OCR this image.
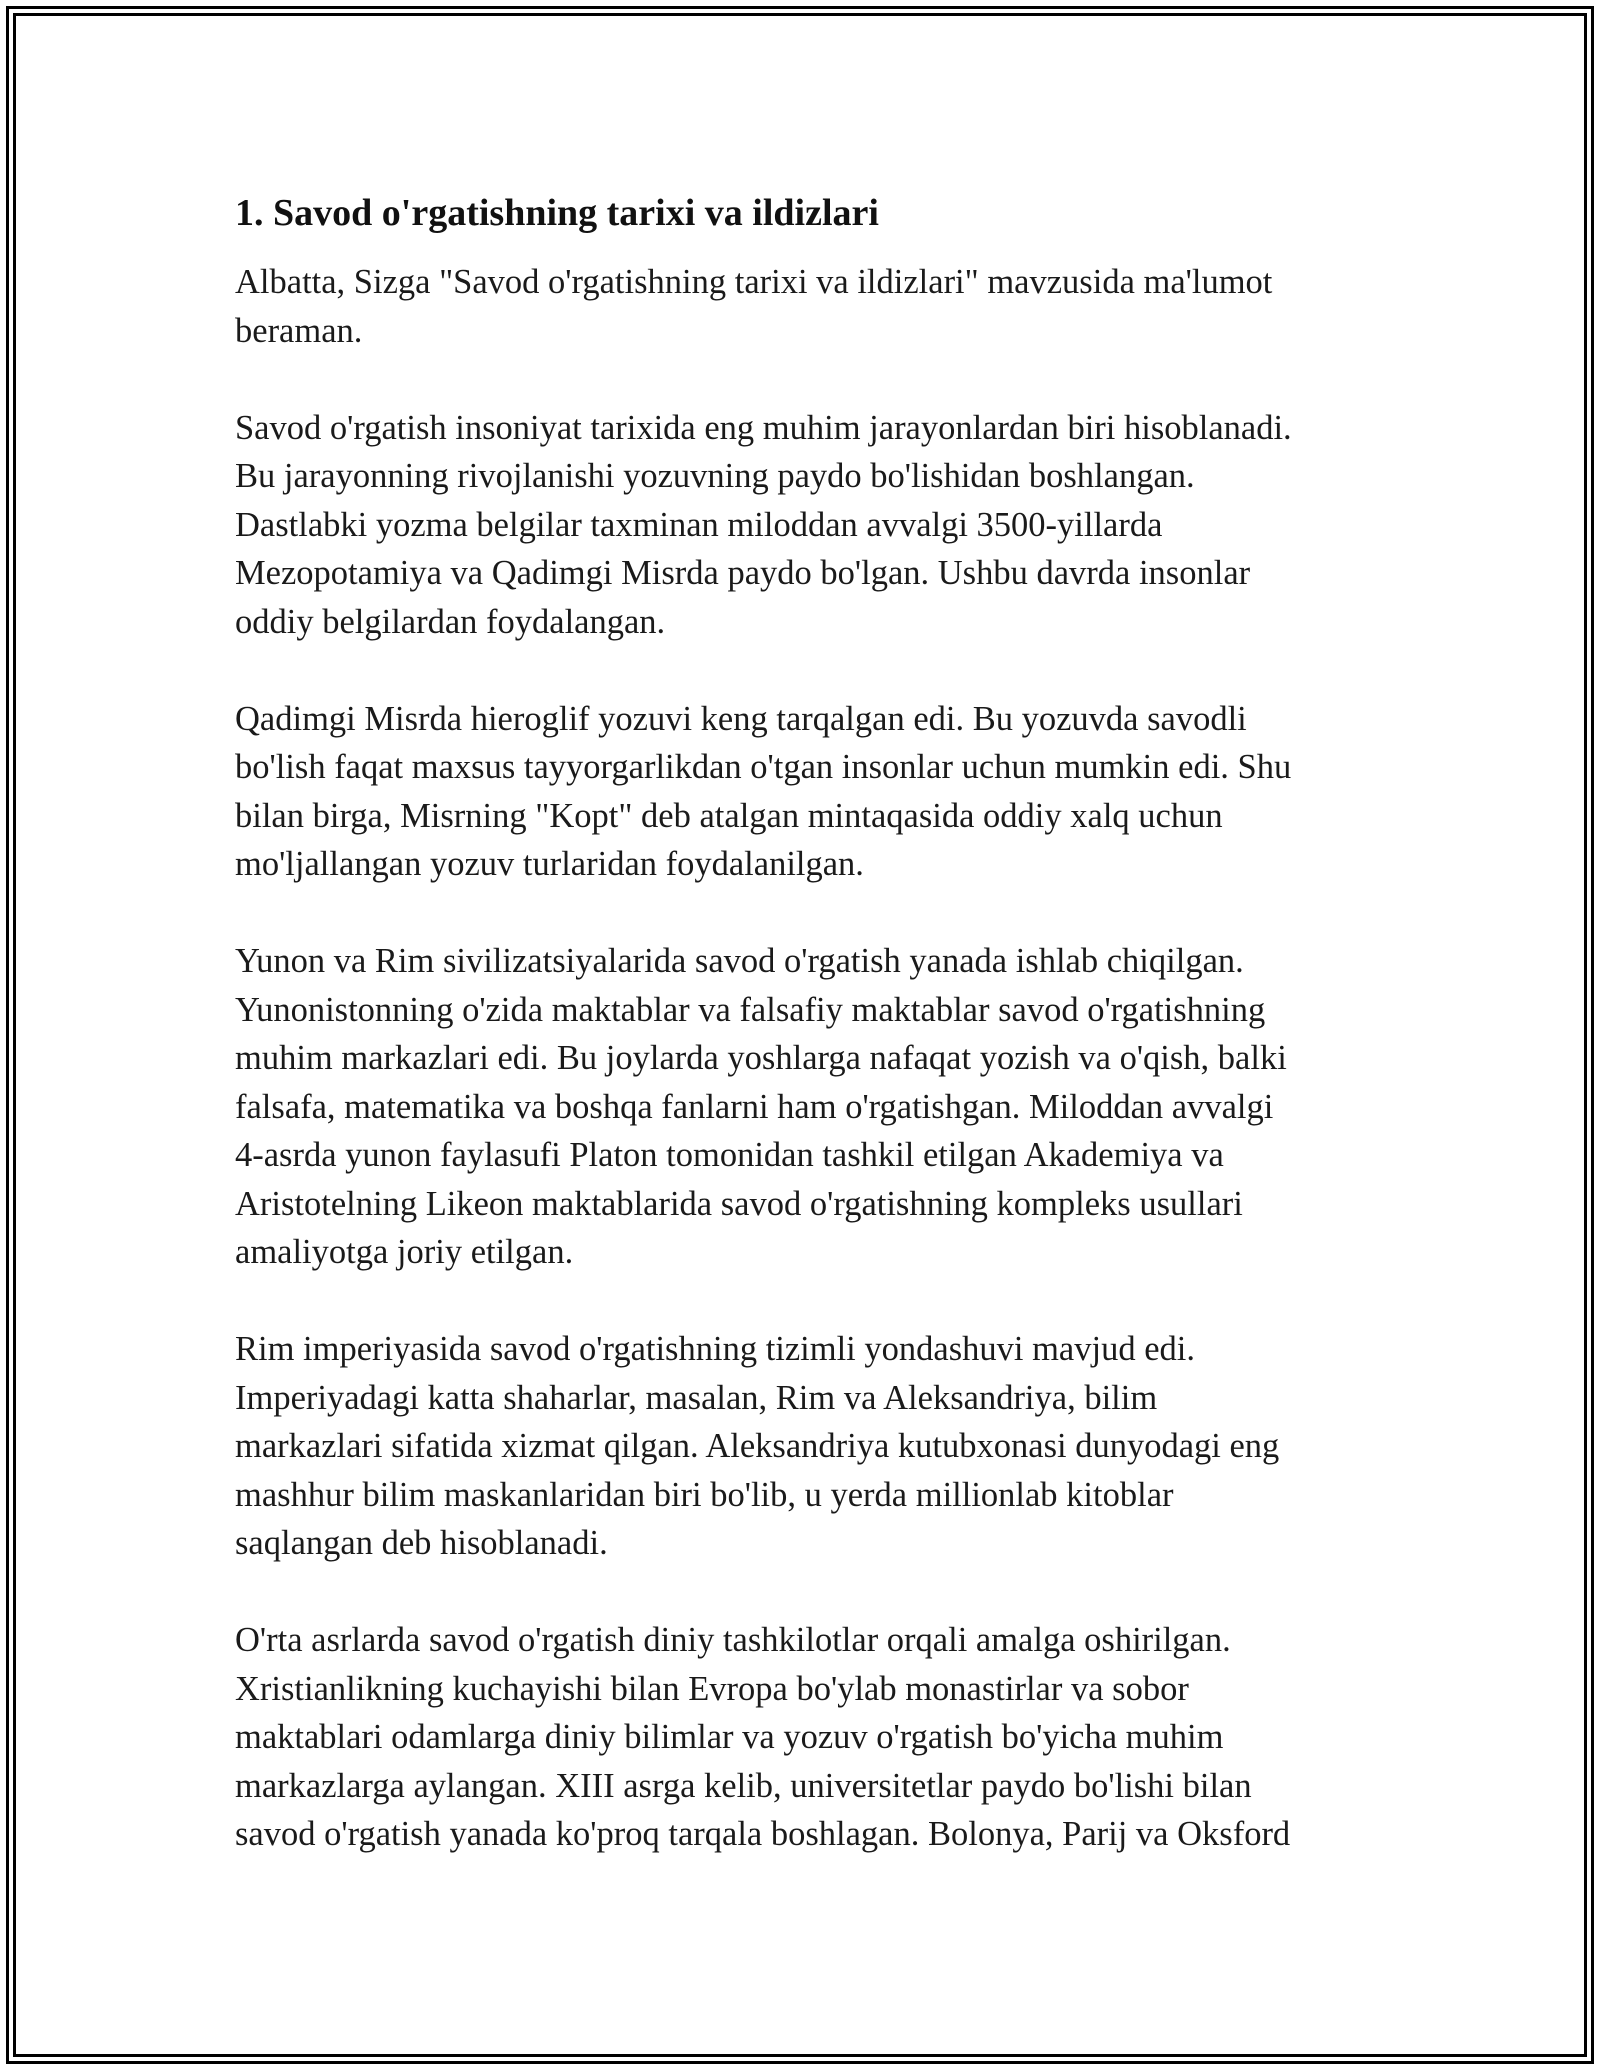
1. Savod o'rgatishning tarixi va ildizlari

Albatta, Sizga "Savod o'rgatishning tarixi va ildizlari" mavzusida ma'lumot
beraman.

Savod o'rgatish insoniyat tarixida eng muhim jarayonlardan biri hisoblanadi.
Bu jarayonning rivojlanishi yozuvning paydo bo'lishidan boshlangan.
Dastlabki yozma belgilar taxminan miloddan avvalgi 3500-yillarda
Mezopotamiya va Qadimgi Misrda paydo bo'lgan. Ushbu davrda insonlar
oddiy belgilardan foydalangan.

Qadimgi Misrda hieroglif yozuvi keng tarqalgan edi. Bu yozuvda savodli
bo'lish faqat maxsus tayyorgarlikdan o'tgan insonlar uchun mumkin edi. Shu
bilan birga, Misrning "Kopt" deb atalgan mintaqasida oddiy xalq uchun
mo'ljallangan yozuv turlaridan foydalanilgan.

Yunon va Rim sivilizatsiyalarida savod o'rgatish yanada ishlab chiqilgan.
Yunonistonning o'zida maktablar va falsafiy maktablar savod o'rgatishning
muhim markazlari edi. Bu joylarda yoshlarga nafaqat yozish va o'qish, balki
falsafa, matematika va boshqa fanlarni ham o'rgatishgan. Miloddan avvalgi
4-asrda yunon faylasufi Platon tomonidan tashkil etilgan Akademiya va
Aristotelning Likeon maktablarida savod o'rgatishning kompleks usullari
amaliyotga joriy etilgan.

Rim imperiyasida savod o'rgatishning tizimli yondashuvi mavjud edi.
Imperiyadagi katta shaharlar, masalan, Rim va Aleksandriya, bilim
markazlari sifatida xizmat qilgan. Aleksandriya kutubxonasi dunyodagi eng
mashhur bilim maskanlaridan biri bo'lib, u yerda millionlab kitoblar
saqlangan deb hisoblanadi.

O'rta asrlarda savod o'rgatish diniy tashkilotlar orqali amalga oshirilgan.
Xristianlikning kuchayishi bilan Evropa bo'ylab monastirlar va sobor
maktablari odamlarga diniy bilimlar va yozuv o'rgatish bo'yicha muhim
markazlarga aylangan. XIII asrga kelib, universitetlar paydo bo'lishi bilan
savod o'rgatish yanada ko'proq tarqala boshlagan. Bolonya, Parij va Oksford
